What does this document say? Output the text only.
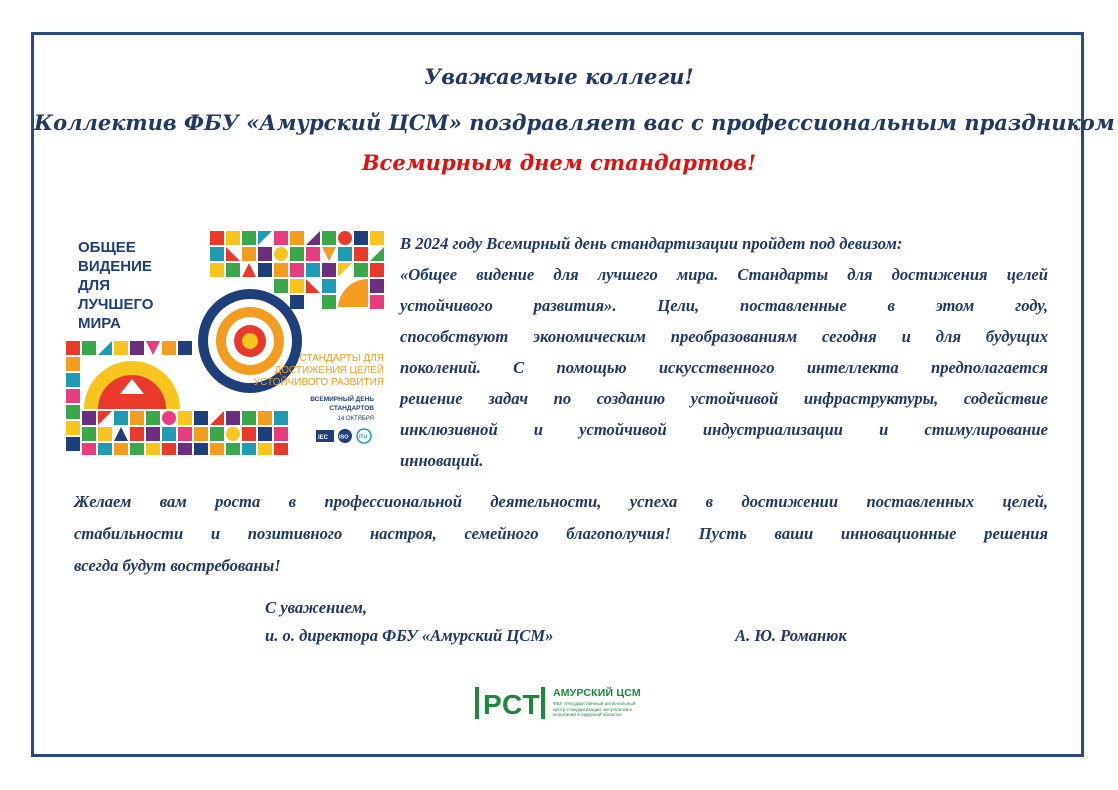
Уважаемые коллеги!
Коллектив ФБУ «Амурский ЦСМ» поздравляет вас с профессиональным праздником
Всемирным днем стандартов!
ОБЩЕЕ
ВИДЕНИЕ
ДЛЯ
ЛУЧШЕГО
МИРА
СТАНДАРТЫ ДЛЯ
ДОСТИЖЕНИЯ ЦЕЛЕЙ
УСТОЙЧИВОГО РАЗВИТИЯ
ВСЕМИРНЫЙ ДЕНЬ
СТАНДАРТОВ
14 ОКТЯБРЯ
IEC ISO ITU
В 2024 году Всемирный день стандартизации пройдет под девизом:
«Общее видение для лучшего мира. Стандарты для достижения целей
устойчивого развития». Цели, поставленные в этом году,
способствуют экономическим преобразованиям сегодня и для будущих
поколений. С помощью искусственного интеллекта предполагается
решение задач по созданию устойчивой инфраструктуры, содействие
инклюзивной и устойчивой индустриализации и стимулирование
инноваций.
Желаем вам роста в профессиональной деятельности, успеха в достижении поставленных целей,
стабильности и позитивного настроя, семейного благополучия! Пусть ваши инновационные решения
всегда будут востребованы!
С уважением,
и. о. директора ФБУ «Амурский ЦСМ»	А. Ю. Романюк
РСТ АМУРСКИЙ ЦСМ
ФБУ «Государственный региональный центр стандартизации, метрологии и испытаний в Амурской области»
